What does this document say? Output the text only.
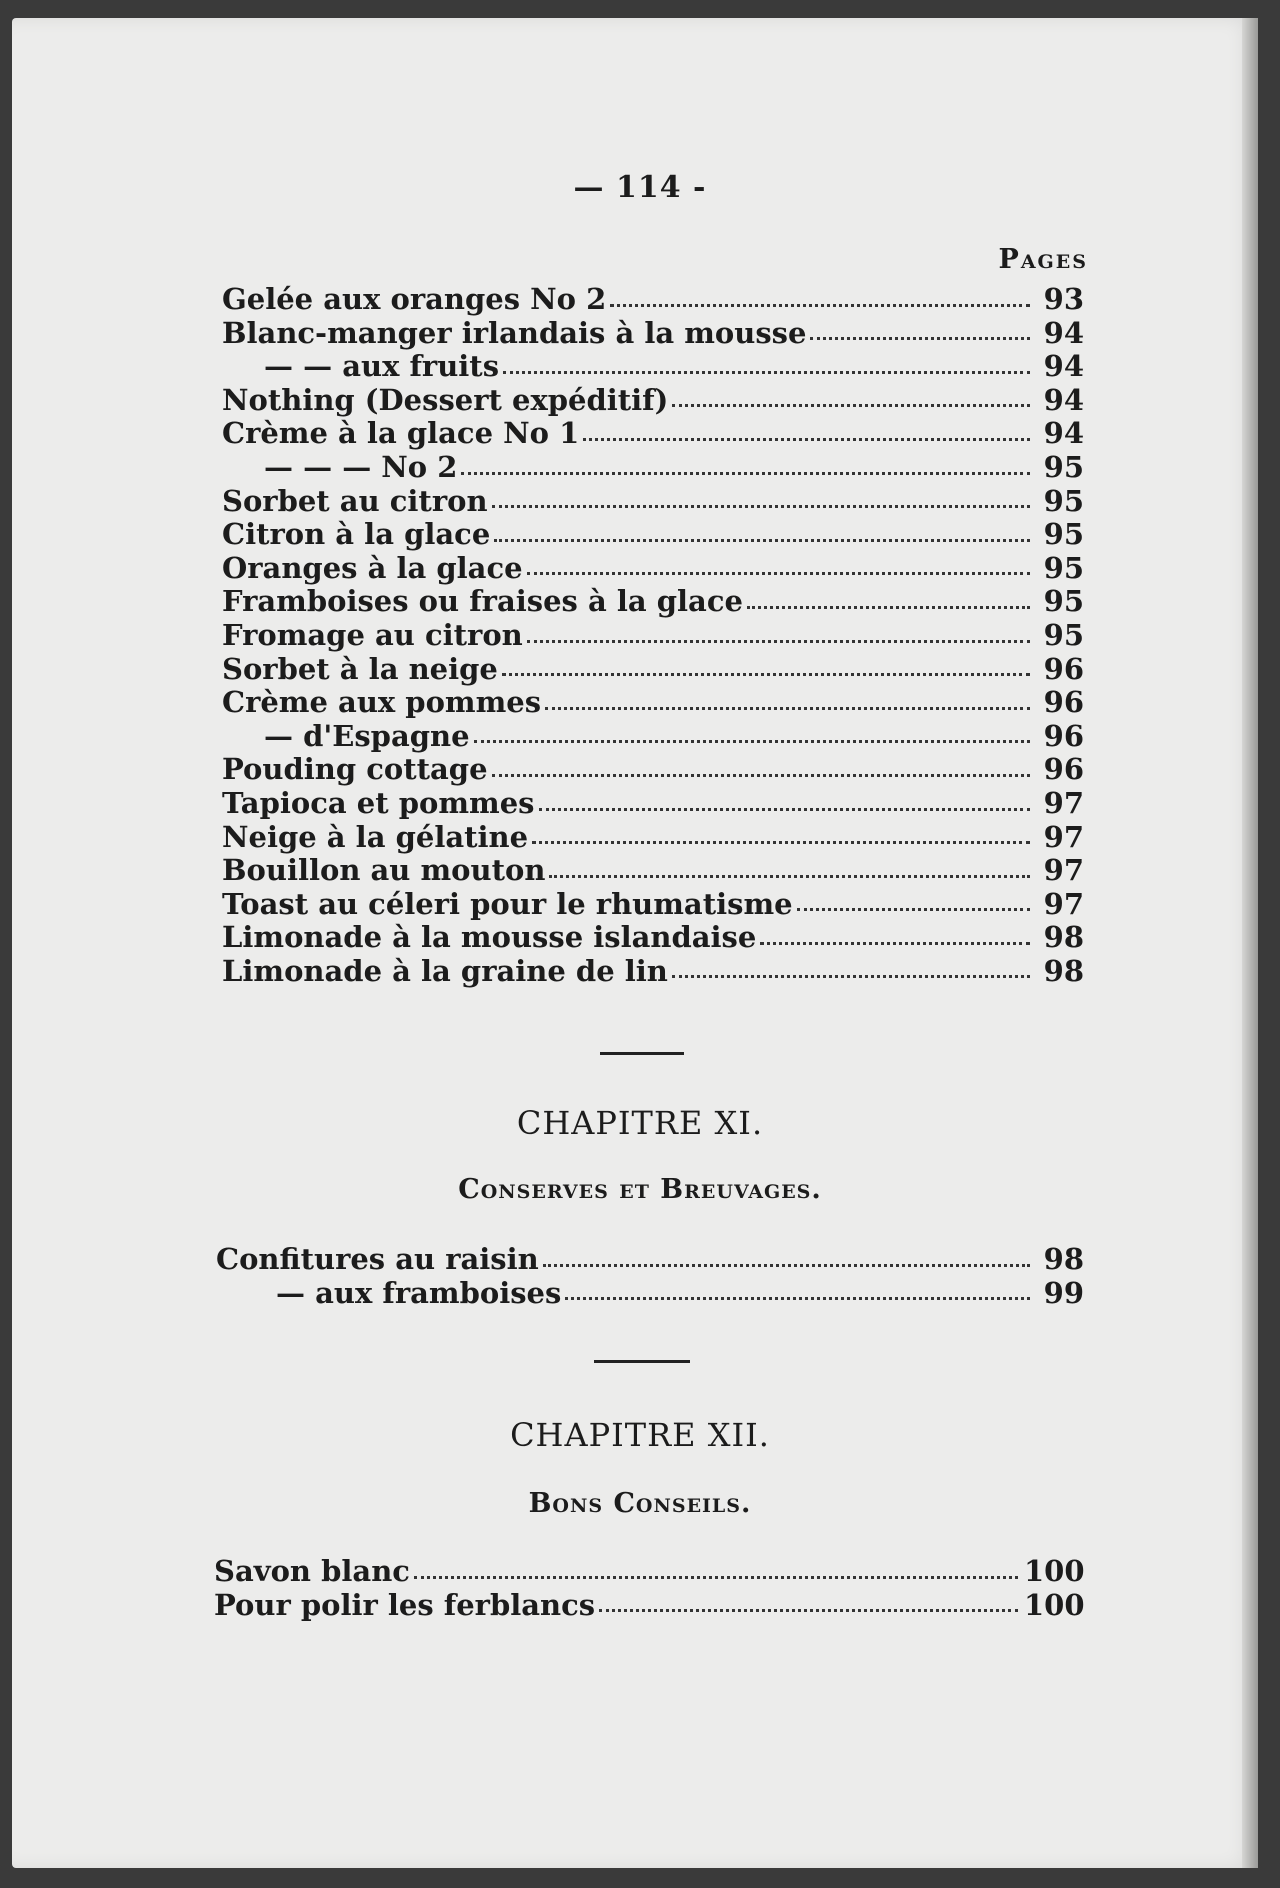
— 114 -
Pages
Gelée aux oranges No 2	93
Blanc-manger irlandais à la mousse	94
— — aux fruits	94
Nothing (Dessert expéditif)	94
Crème à la glace No 1	94
— — — No 2	95
Sorbet au citron	95
Citron à la glace	95
Oranges à la glace	95
Framboises ou fraises à la glace	95
Fromage au citron	95
Sorbet à la neige	96
Crème aux pommes	96
— d'Espagne	96
Pouding cottage	96
Tapioca et pommes	97
Neige à la gélatine	97
Bouillon au mouton	97
Toast au céleri pour le rhumatisme	97
Limonade à la mousse islandaise	98
Limonade à la graine de lin	98
CHAPITRE XI.
Conserves et Breuvages.
Confitures au raisin	98
— aux framboises	99
CHAPITRE XII.
Bons Conseils.
Savon blanc	100
Pour polir les ferblancs	100
